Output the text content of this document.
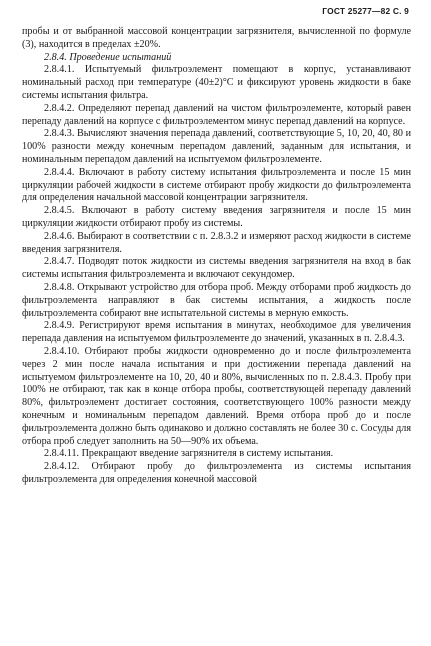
ГОСТ 25277—82 С. 9

пробы и от выбранной массовой концентрации загрязнителя, вычисленной по формуле (3), находится в пределах ±20%.

2.8.4. Проведение испытаний

2.8.4.1. Испытуемый фильтроэлемент помещают в корпус, устанавливают номинальный расход при температуре (40±2)°С и фиксируют уровень жидкости в баке системы испытания фильтра.

2.8.4.2. Определяют перепад давлений на чистом фильтроэлементе, который равен перепаду давлений на корпусе с фильтроэлементом минус перепад давлений на корпусе.

2.8.4.3. Вычисляют значения перепада давлений, соответствующие 5, 10, 20, 40, 80 и 100% разности между конечным перепадом давлений, заданным для испытания, и номинальным перепадом давлений на испытуемом фильтроэлементе.

2.8.4.4. Включают в работу систему испытания фильтроэлемента и после 15 мин циркуляции рабочей жидкости в системе отбирают пробу жидкости до фильтроэлемента для определения начальной массовой концентрации загрязнителя.

2.8.4.5. Включают в работу систему введения загрязнителя и после 15 мин циркуляции жидкости отбирают пробу из системы.

2.8.4.6. Выбирают в соответствии с п. 2.8.3.2 и измеряют расход жидкости в системе введения загрязнителя.

2.8.4.7. Подводят поток жидкости из системы введения загрязнителя на вход в бак системы испытания фильтроэлемента и включают секундомер.

2.8.4.8. Открывают устройство для отбора проб. Между отборами проб жидкость до фильтроэлемента направляют в бак системы испытания, а жидкость после фильтроэлемента собирают вне испытательной системы в мерную емкость.

2.8.4.9. Регистрируют время испытания в минутах, необходимое для увеличения перепада давления на испытуемом фильтроэлементе до значений, указанных в п. 2.8.4.3.

2.8.4.10. Отбирают пробы жидкости одновременно до и после фильтроэлемента через 2 мин после начала испытания и при достижении перепада давлений на испытуемом фильтроэлементе на 10, 20, 40 и 80%, вычисленных по п. 2.8.4.3. Пробу при 100% не отбирают, так как в конце отбора пробы, соответствующей перепаду давлений 80%, фильтроэлемент достигает состояния, соответствующего 100% разности между конечным и номинальным перепадом давлений. Время отбора проб до и после фильтроэлемента должно быть одинаково и должно составлять не более 30 с. Сосуды для отбора проб следует заполнить на 50—90% их объема.

2.8.4.11. Прекращают введение загрязнителя в систему испытания.

2.8.4.12. Отбирают пробу до фильтроэлемента из системы испытания фильтроэлемента для определения конечной массовой
